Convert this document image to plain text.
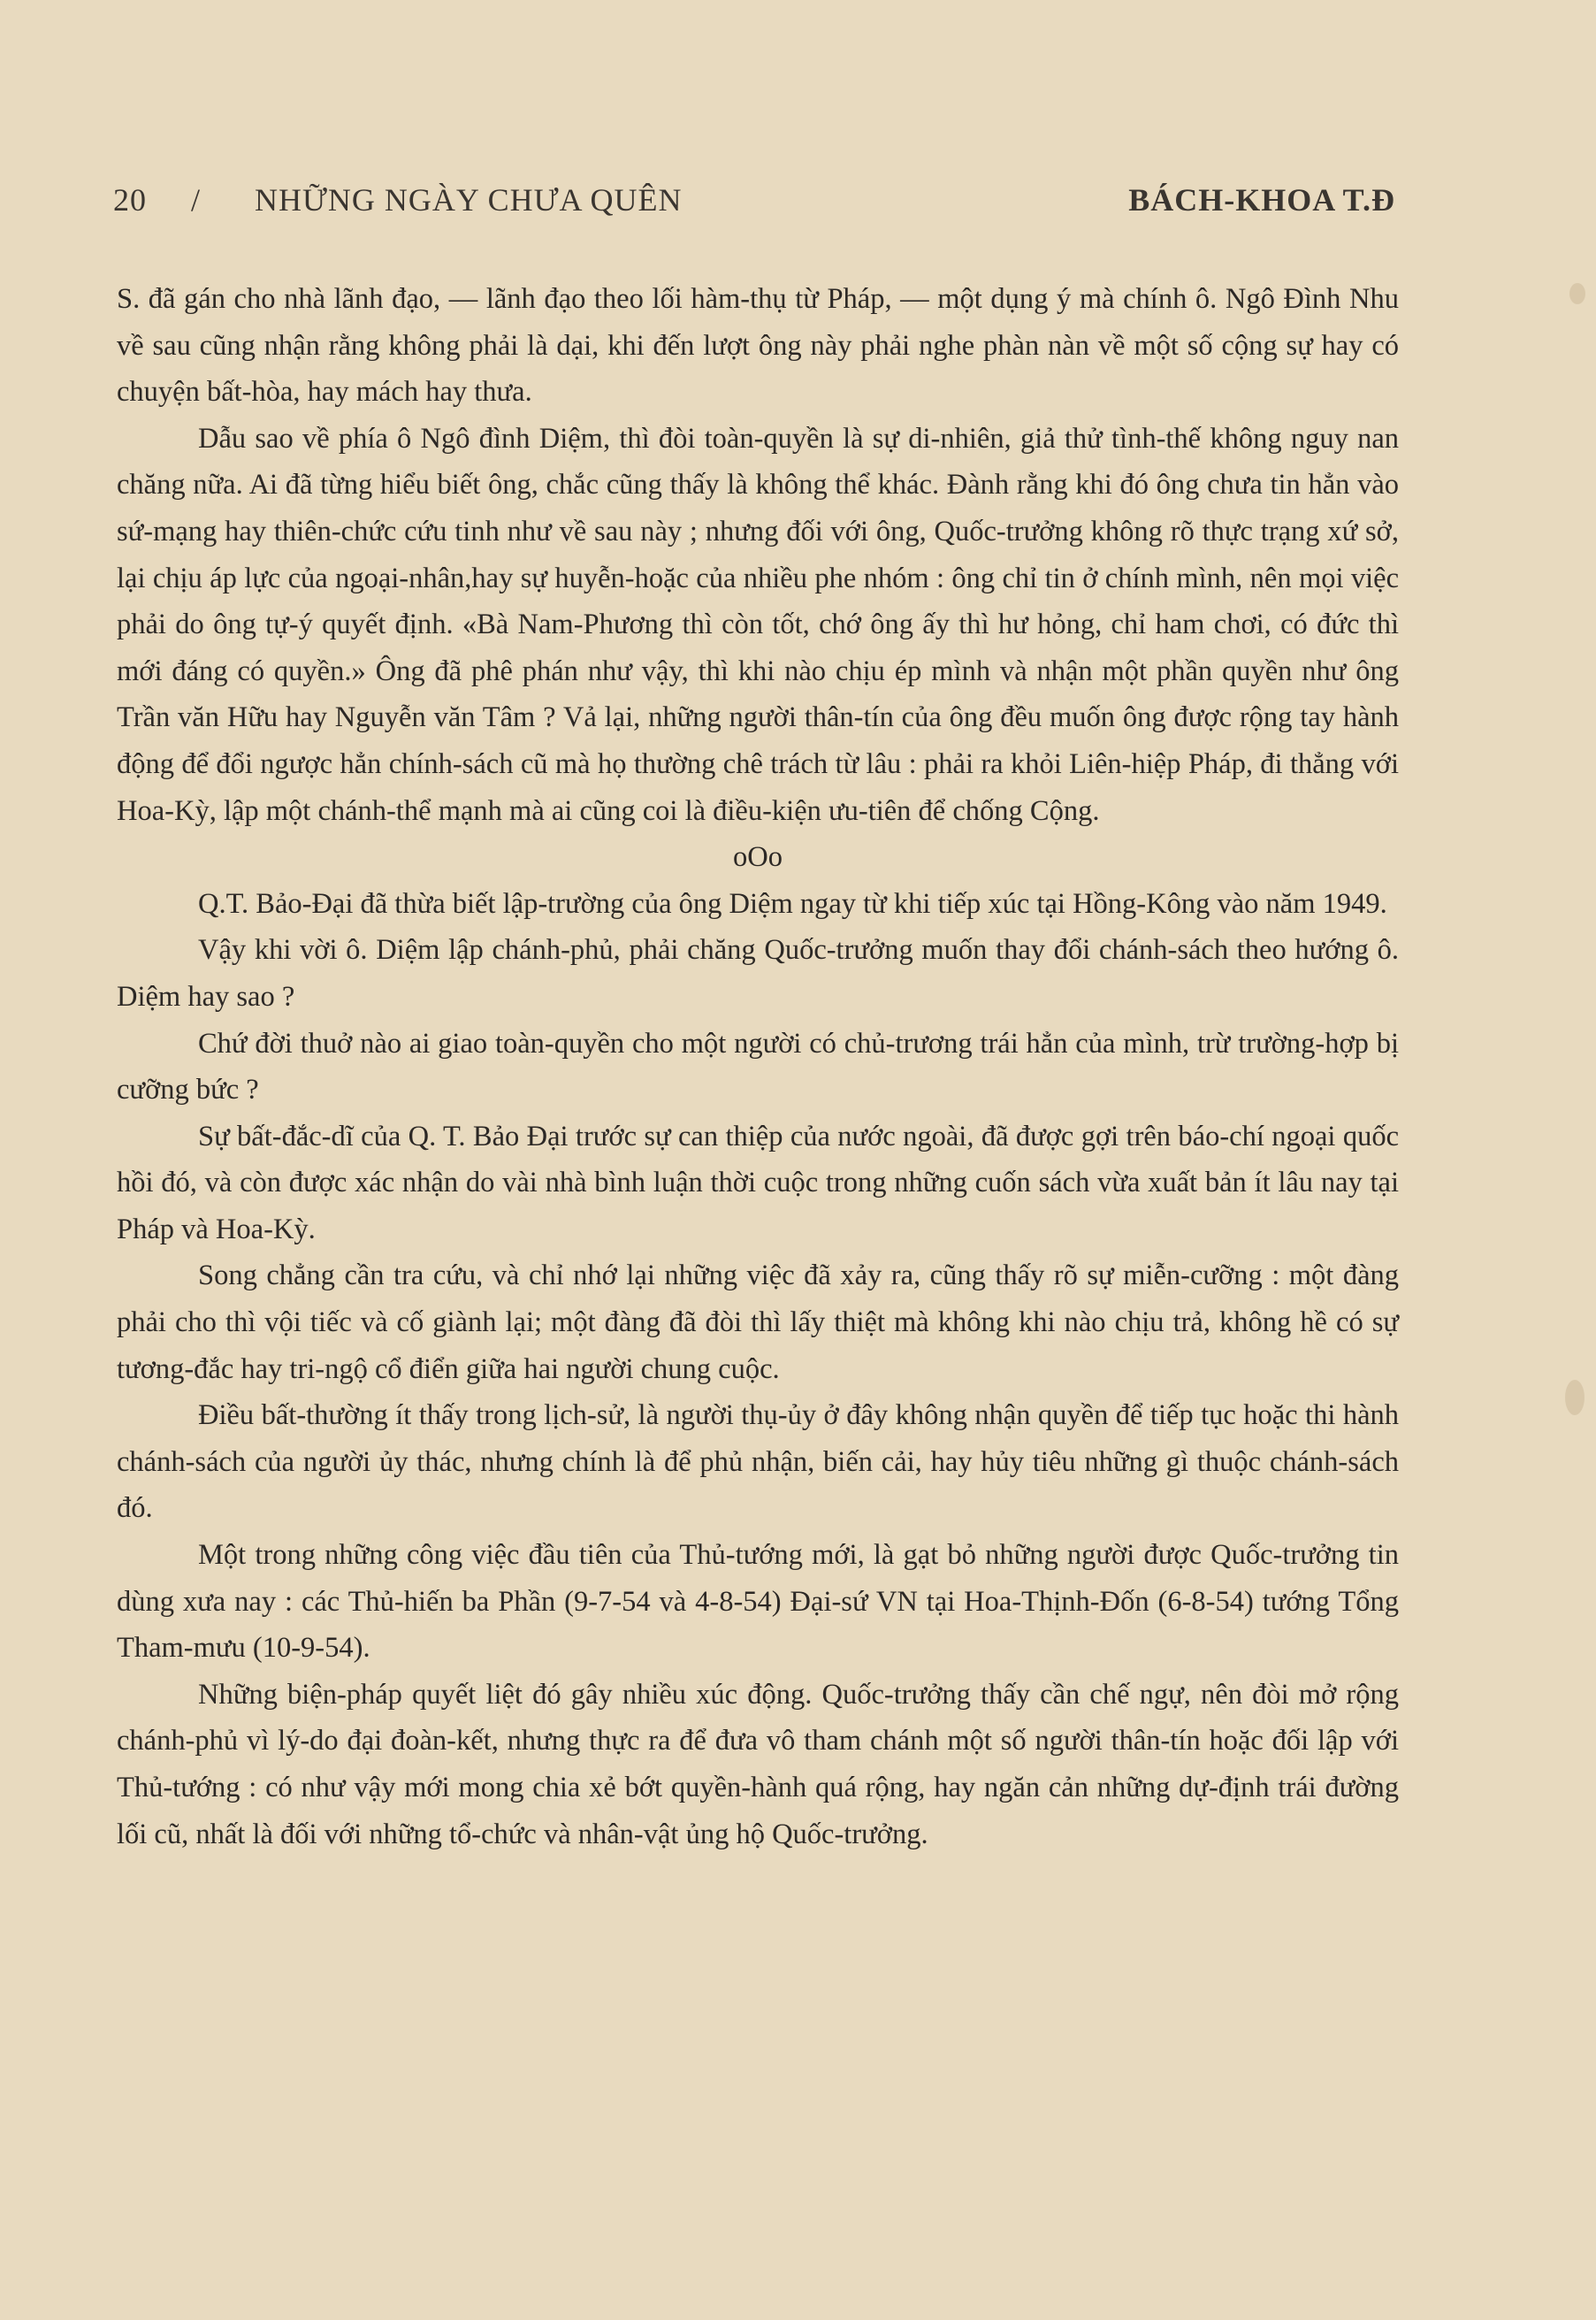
20 / NHỮNG NGÀY CHƯA QUÊN	BÁCH-KHOA T.Đ

S. đã gán cho nhà lãnh đạo, — lãnh đạo theo lối hàm-thụ từ Pháp, — một dụng ý mà chính ô. Ngô Đình Nhu về sau cũng nhận rằng không phải là dại, khi đến lượt ông này phải nghe phàn nàn về một số cộng sự hay có chuyện bất-hòa, hay mách hay thưa.

Dẫu sao về phía ô Ngô đình Diệm, thì đòi toàn-quyền là sự di-nhiên, giả thử tình-thế không nguy nan chăng nữa. Ai đã từng hiểu biết ông, chắc cũng thấy là không thể khác. Đành rằng khi đó ông chưa tin hẳn vào sứ-mạng hay thiên-chức cứu tinh như về sau này ; nhưng đối với ông, Quốc-trưởng không rõ thực trạng xứ sở, lại chịu áp lực của ngoại-nhân,hay sự huyễn-hoặc của nhiều phe nhóm : ông chỉ tin ở chính mình, nên mọi việc phải do ông tự-ý quyết định. «Bà Nam-Phương thì còn tốt, chớ ông ấy thì hư hỏng, chỉ ham chơi, có đức thì mới đáng có quyền.» Ông đã phê phán như vậy, thì khi nào chịu ép mình và nhận một phần quyền như ông Trần văn Hữu hay Nguyễn văn Tâm ? Vả lại, những người thân-tín của ông đều muốn ông được rộng tay hành động để đổi ngược hẳn chính-sách cũ mà họ thường chê trách từ lâu : phải ra khỏi Liên-hiệp Pháp, đi thẳng với Hoa-Kỳ, lập một chánh-thể mạnh mà ai cũng coi là điều-kiện ưu-tiên để chống Cộng.

oOo

Q.T. Bảo-Đại đã thừa biết lập-trường của ông Diệm ngay từ khi tiếp xúc tại Hồng-Kông vào năm 1949.

Vậy khi vời ô. Diệm lập chánh-phủ, phải chăng Quốc-trưởng muốn thay đổi chánh-sách theo hướng ô. Diệm hay sao ?

Chứ đời thuở nào ai giao toàn-quyền cho một người có chủ-trương trái hẳn của mình, trừ trường-hợp bị cưỡng bức ?

Sự bất-đắc-dĩ của Q. T. Bảo Đại trước sự can thiệp của nước ngoài, đã được gợi trên báo-chí ngoại quốc hồi đó, và còn được xác nhận do vài nhà bình luận thời cuộc trong những cuốn sách vừa xuất bản ít lâu nay tại Pháp và Hoa-Kỳ.

Song chẳng cần tra cứu, và chỉ nhớ lại những việc đã xảy ra, cũng thấy rõ sự miễn-cưỡng : một đàng phải cho thì vội tiếc và cố giành lại; một đàng đã đòi thì lấy thiệt mà không khi nào chịu trả, không hề có sự tương-đắc hay tri-ngộ cổ điển giữa hai người chung cuộc.

Điều bất-thường ít thấy trong lịch-sử, là người thụ-ủy ở đây không nhận quyền để tiếp tục hoặc thi hành chánh-sách của người ủy thác, nhưng chính là để phủ nhận, biến cải, hay hủy tiêu những gì thuộc chánh-sách đó.

Một trong những công việc đầu tiên của Thủ-tướng mới, là gạt bỏ những người được Quốc-trưởng tin dùng xưa nay : các Thủ-hiến ba Phần (9-7-54 và 4-8-54) Đại-sứ VN tại Hoa-Thịnh-Đốn (6-8-54) tướng Tổng Tham-mưu (10-9-54).

Những biện-pháp quyết liệt đó gây nhiều xúc động. Quốc-trưởng thấy cần chế ngự, nên đòi mở rộng chánh-phủ vì lý-do đại đoàn-kết, nhưng thực ra để đưa vô tham chánh một số người thân-tín hoặc đối lập với Thủ-tướng : có như vậy mới mong chia xẻ bớt quyền-hành quá rộng, hay ngăn cản những dự-định trái đường lối cũ, nhất là đối với những tổ-chức và nhân-vật ủng hộ Quốc-trưởng.
